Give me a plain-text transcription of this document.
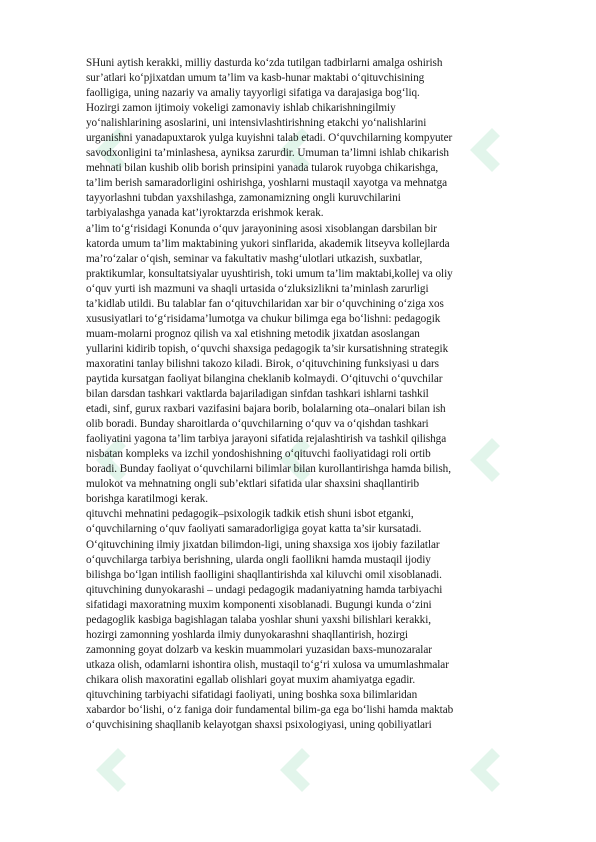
SHuni aytish kerakki, milliy dasturda ko‘zda tutilgan tadbirlarni amalga oshirish
sur’atlari ko‘pjixatdan umum ta’lim va kasb-hunar maktabi o‘qituvchisining
faolligiga, uning nazariy va amaliy tayyorligi sifatiga va darajasiga bog‘liq.
Hozirgi zamon ijtimoiy vokeligi zamonaviy ishlab chikarishningilmiy
yo‘nalishlarining asoslarini, uni intensivlashtirishning etakchi yo‘nalishlarini
urganishni yanadapuxtarok yulga kuyishni talab etadi. O‘quvchilarning kompyuter
savodxonligini ta’minlashesa, ayniksa zarurdir. Umuman ta’limni ishlab chikarish
mehnati bilan kushib olib borish prinsipini yanada tularok ruyobga chikarishga,
ta’lim berish samaradorligini oshirishga, yoshlarni mustaqil xayotga va mehnatga
tayyorlashni tubdan yaxshilashga, zamonamizning ongli kuruvchilarini
tarbiyalashga yanada kat’iyroktarzda erishmok kerak.
a’lim to‘g‘risidagi Konunda o‘quv jarayonining asosi xisoblangan darsbilan bir
katorda umum ta’lim maktabining yukori sinflarida, akademik litseyva kollejlarda
ma’ro‘zalar o‘qish, seminar va fakultativ mashg‘ulotlari utkazish, suxbatlar,
praktikumlar, konsultatsiyalar uyushtirish, toki umum ta’lim maktabi,kollej va oliy
o‘quv yurti ish mazmuni va shaqli urtasida o‘zluksizlikni ta’minlash zarurligi
ta’kidlab utildi. Bu talablar fan o‘qituvchilaridan xar bir o‘quvchining o‘ziga xos
xususiyatlari to‘g‘risidama’lumotga va chukur bilimga ega bo‘lishni: pedagogik
muam-molarni prognoz qilish va xal etishning metodik jixatdan asoslangan
yullarini kidirib topish, o‘quvchi shaxsiga pedagogik ta’sir kursatishning strategik
maxoratini tanlay bilishni takozo kiladi. Birok, o‘qituvchining funksiyasi u dars
paytida kursatgan faoliyat bilangina cheklanib kolmaydi. O‘qituvchi o‘quvchilar
bilan darsdan tashkari vaktlarda bajariladigan sinfdan tashkari ishlarni tashkil
etadi, sinf, gurux raxbari vazifasini bajara borib, bolalarning ota–onalari bilan ish
olib boradi. Bunday sharoitlarda o‘quvchilarning o‘quv va o‘qishdan tashkari
faoliyatini yagona ta’lim tarbiya jarayoni sifatida rejalashtirish va tashkil qilishga
nisbatan kompleks va izchil yondoshishning o‘qituvchi faoliyatidagi roli ortib
boradi. Bunday faoliyat o‘quvchilarni bilimlar bilan kurollantirishga hamda bilish,
mulokot va mehnatning ongli sub’ektlari sifatida ular shaxsini shaqllantirib
borishga karatilmogi kerak.
qituvchi mehnatini pedagogik–psixologik tadkik etish shuni isbot etganki,
o‘quvchilarning o‘quv faoliyati samaradorligiga goyat katta ta’sir kursatadi.
O‘qituvchining ilmiy jixatdan bilimdon-ligi, uning shaxsiga xos ijobiy fazilatlar
o‘quvchilarga tarbiya berishning, ularda ongli faollikni hamda mustaqil ijodiy
bilishga bo‘lgan intilish faolligini shaqllantirishda xal kiluvchi omil xisoblanadi.
qituvchining dunyokarashi – undagi pedagogik madaniyatning hamda tarbiyachi
sifatidagi maxoratning muxim komponenti xisoblanadi. Bugungi kunda o‘zini
pedagoglik kasbiga bagishlagan talaba yoshlar shuni yaxshi bilishlari kerakki,
hozirgi zamonning yoshlarda ilmiy dunyokarashni shaqllantirish, hozirgi
zamonning goyat dolzarb va keskin muammolari yuzasidan baxs-munozaralar
utkaza olish, odamlarni ishontira olish, mustaqil to‘g‘ri xulosa va umumlashmalar
chikara olish maxoratini egallab olishlari goyat muxim ahamiyatga egadir.
qituvchining tarbiyachi sifatidagi faoliyati, uning boshka soxa bilimlaridan
xabardor bo‘lishi, o‘z faniga doir fundamental bilim-ga ega bo‘lishi hamda maktab
o‘quvchisining shaqllanib kelayotgan shaxsi psixologiyasi, uning qobiliyatlari
